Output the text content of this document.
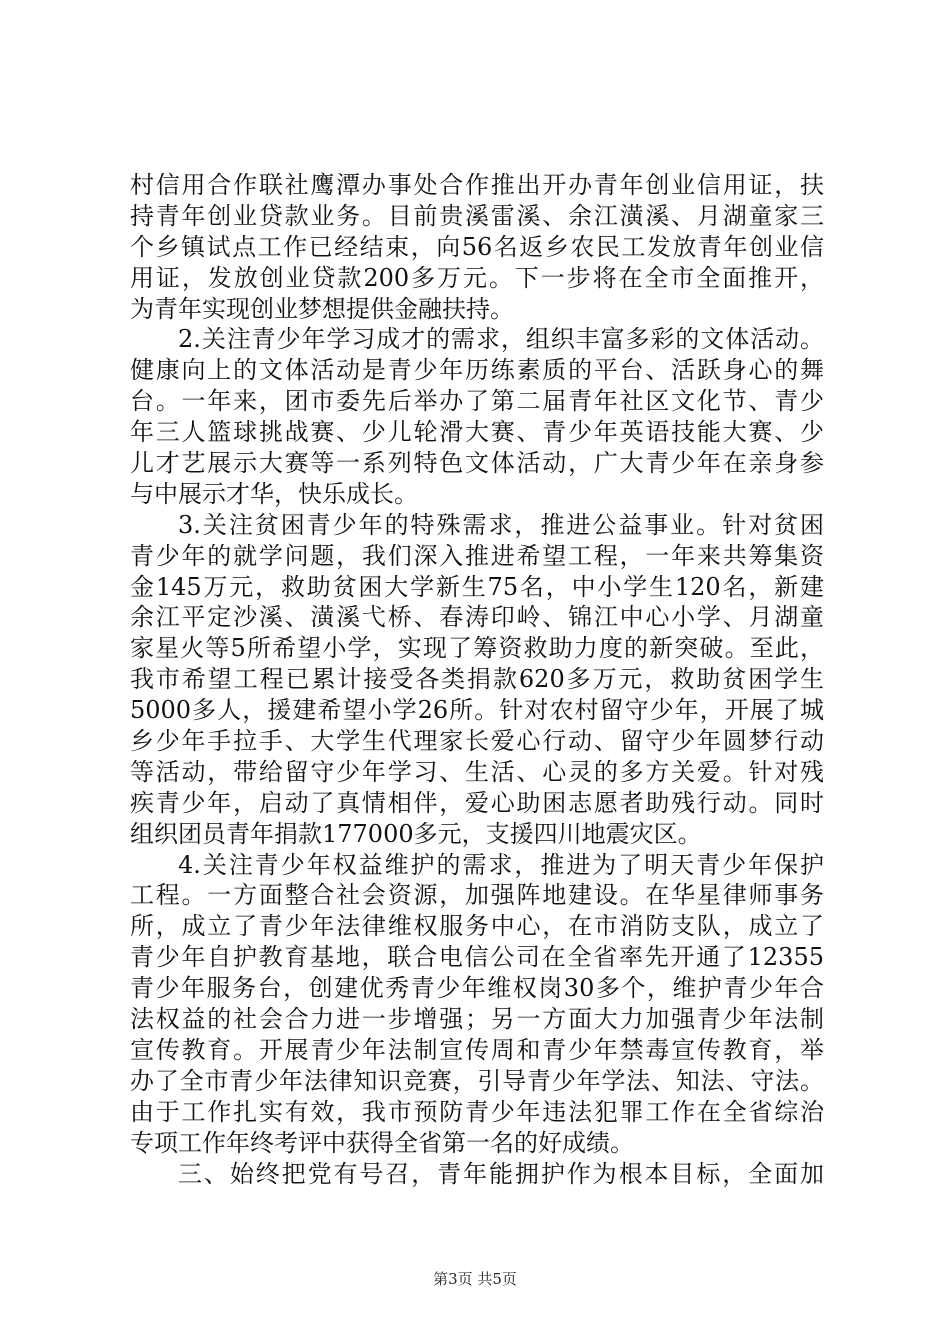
村信用合作联社鹰潭办事处合作推出开办青年创业信用证，扶
持青年创业贷款业务。目前贵溪雷溪、余江潢溪、月湖童家三
个乡镇试点工作已经结束，向56名返乡农民工发放青年创业信
用证，发放创业贷款200多万元。下一步将在全市全面推开，
为青年实现创业梦想提供金融扶持。
2.关注青少年学习成才的需求，组织丰富多彩的文体活动。
健康向上的文体活动是青少年历练素质的平台、活跃身心的舞
台。一年来，团市委先后举办了第二届青年社区文化节、青少
年三人篮球挑战赛、少儿轮滑大赛、青少年英语技能大赛、少
儿才艺展示大赛等一系列特色文体活动，广大青少年在亲身参
与中展示才华，快乐成长。
3.关注贫困青少年的特殊需求，推进公益事业。针对贫困
青少年的就学问题，我们深入推进希望工程，一年来共筹集资
金145万元，救助贫困大学新生75名，中小学生120名，新建
余江平定沙溪、潢溪弋桥、春涛印岭、锦江中心小学、月湖童
家星火等5所希望小学，实现了筹资救助力度的新突破。至此，
我市希望工程已累计接受各类捐款620多万元，救助贫困学生
5000多人，援建希望小学26所。针对农村留守少年，开展了城
乡少年手拉手、大学生代理家长爱心行动、留守少年圆梦行动
等活动，带给留守少年学习、生活、心灵的多方关爱。针对残
疾青少年，启动了真情相伴，爱心助困志愿者助残行动。同时
组织团员青年捐款177000多元，支援四川地震灾区。
4.关注青少年权益维护的需求，推进为了明天青少年保护
工程。一方面整合社会资源，加强阵地建设。在华星律师事务
所，成立了青少年法律维权服务中心，在市消防支队，成立了
青少年自护教育基地，联合电信公司在全省率先开通了12355
青少年服务台，创建优秀青少年维权岗30多个，维护青少年合
法权益的社会合力进一步增强；另一方面大力加强青少年法制
宣传教育。开展青少年法制宣传周和青少年禁毒宣传教育，举
办了全市青少年法律知识竞赛，引导青少年学法、知法、守法。
由于工作扎实有效，我市预防青少年违法犯罪工作在全省综治
专项工作年终考评中获得全省第一名的好成绩。
三、始终把党有号召，青年能拥护作为根本目标，全面加
第3页 共5页
